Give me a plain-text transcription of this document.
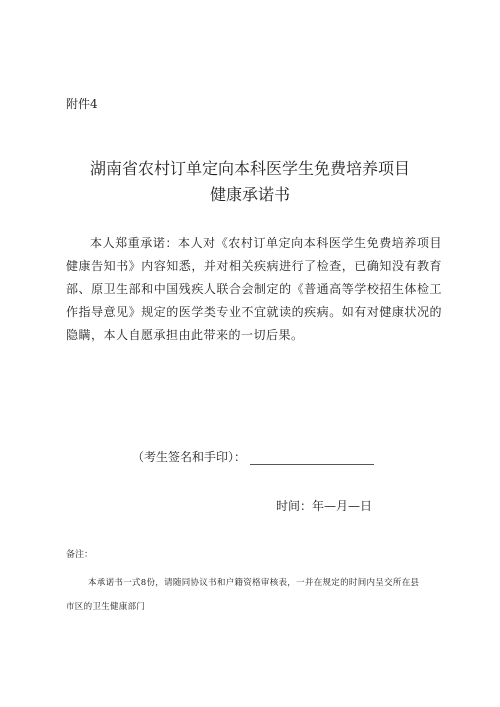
附件4
湖南省农村订单定向本科医学生免费培养项目
健康承诺书
本人郑重承诺：本人对《农村订单定向本科医学生免费培养项目健康告知书》内容知悉，并对相关疾病进行了检查，已确知没有教育部、原卫生部和中国残疾人联合会制定的《普通高等学校招生体检工作指导意见》规定的医学类专业不宜就读的疾病。如有对健康状况的隐瞒，本人自愿承担由此带来的一切后果。
（考生签名和手印）：
时间：年—月—日
备注：
本承诺书一式8份，请随同协议书和户籍资格审核表，一并在规定的时间内呈交所在县市区的卫生健康部门
